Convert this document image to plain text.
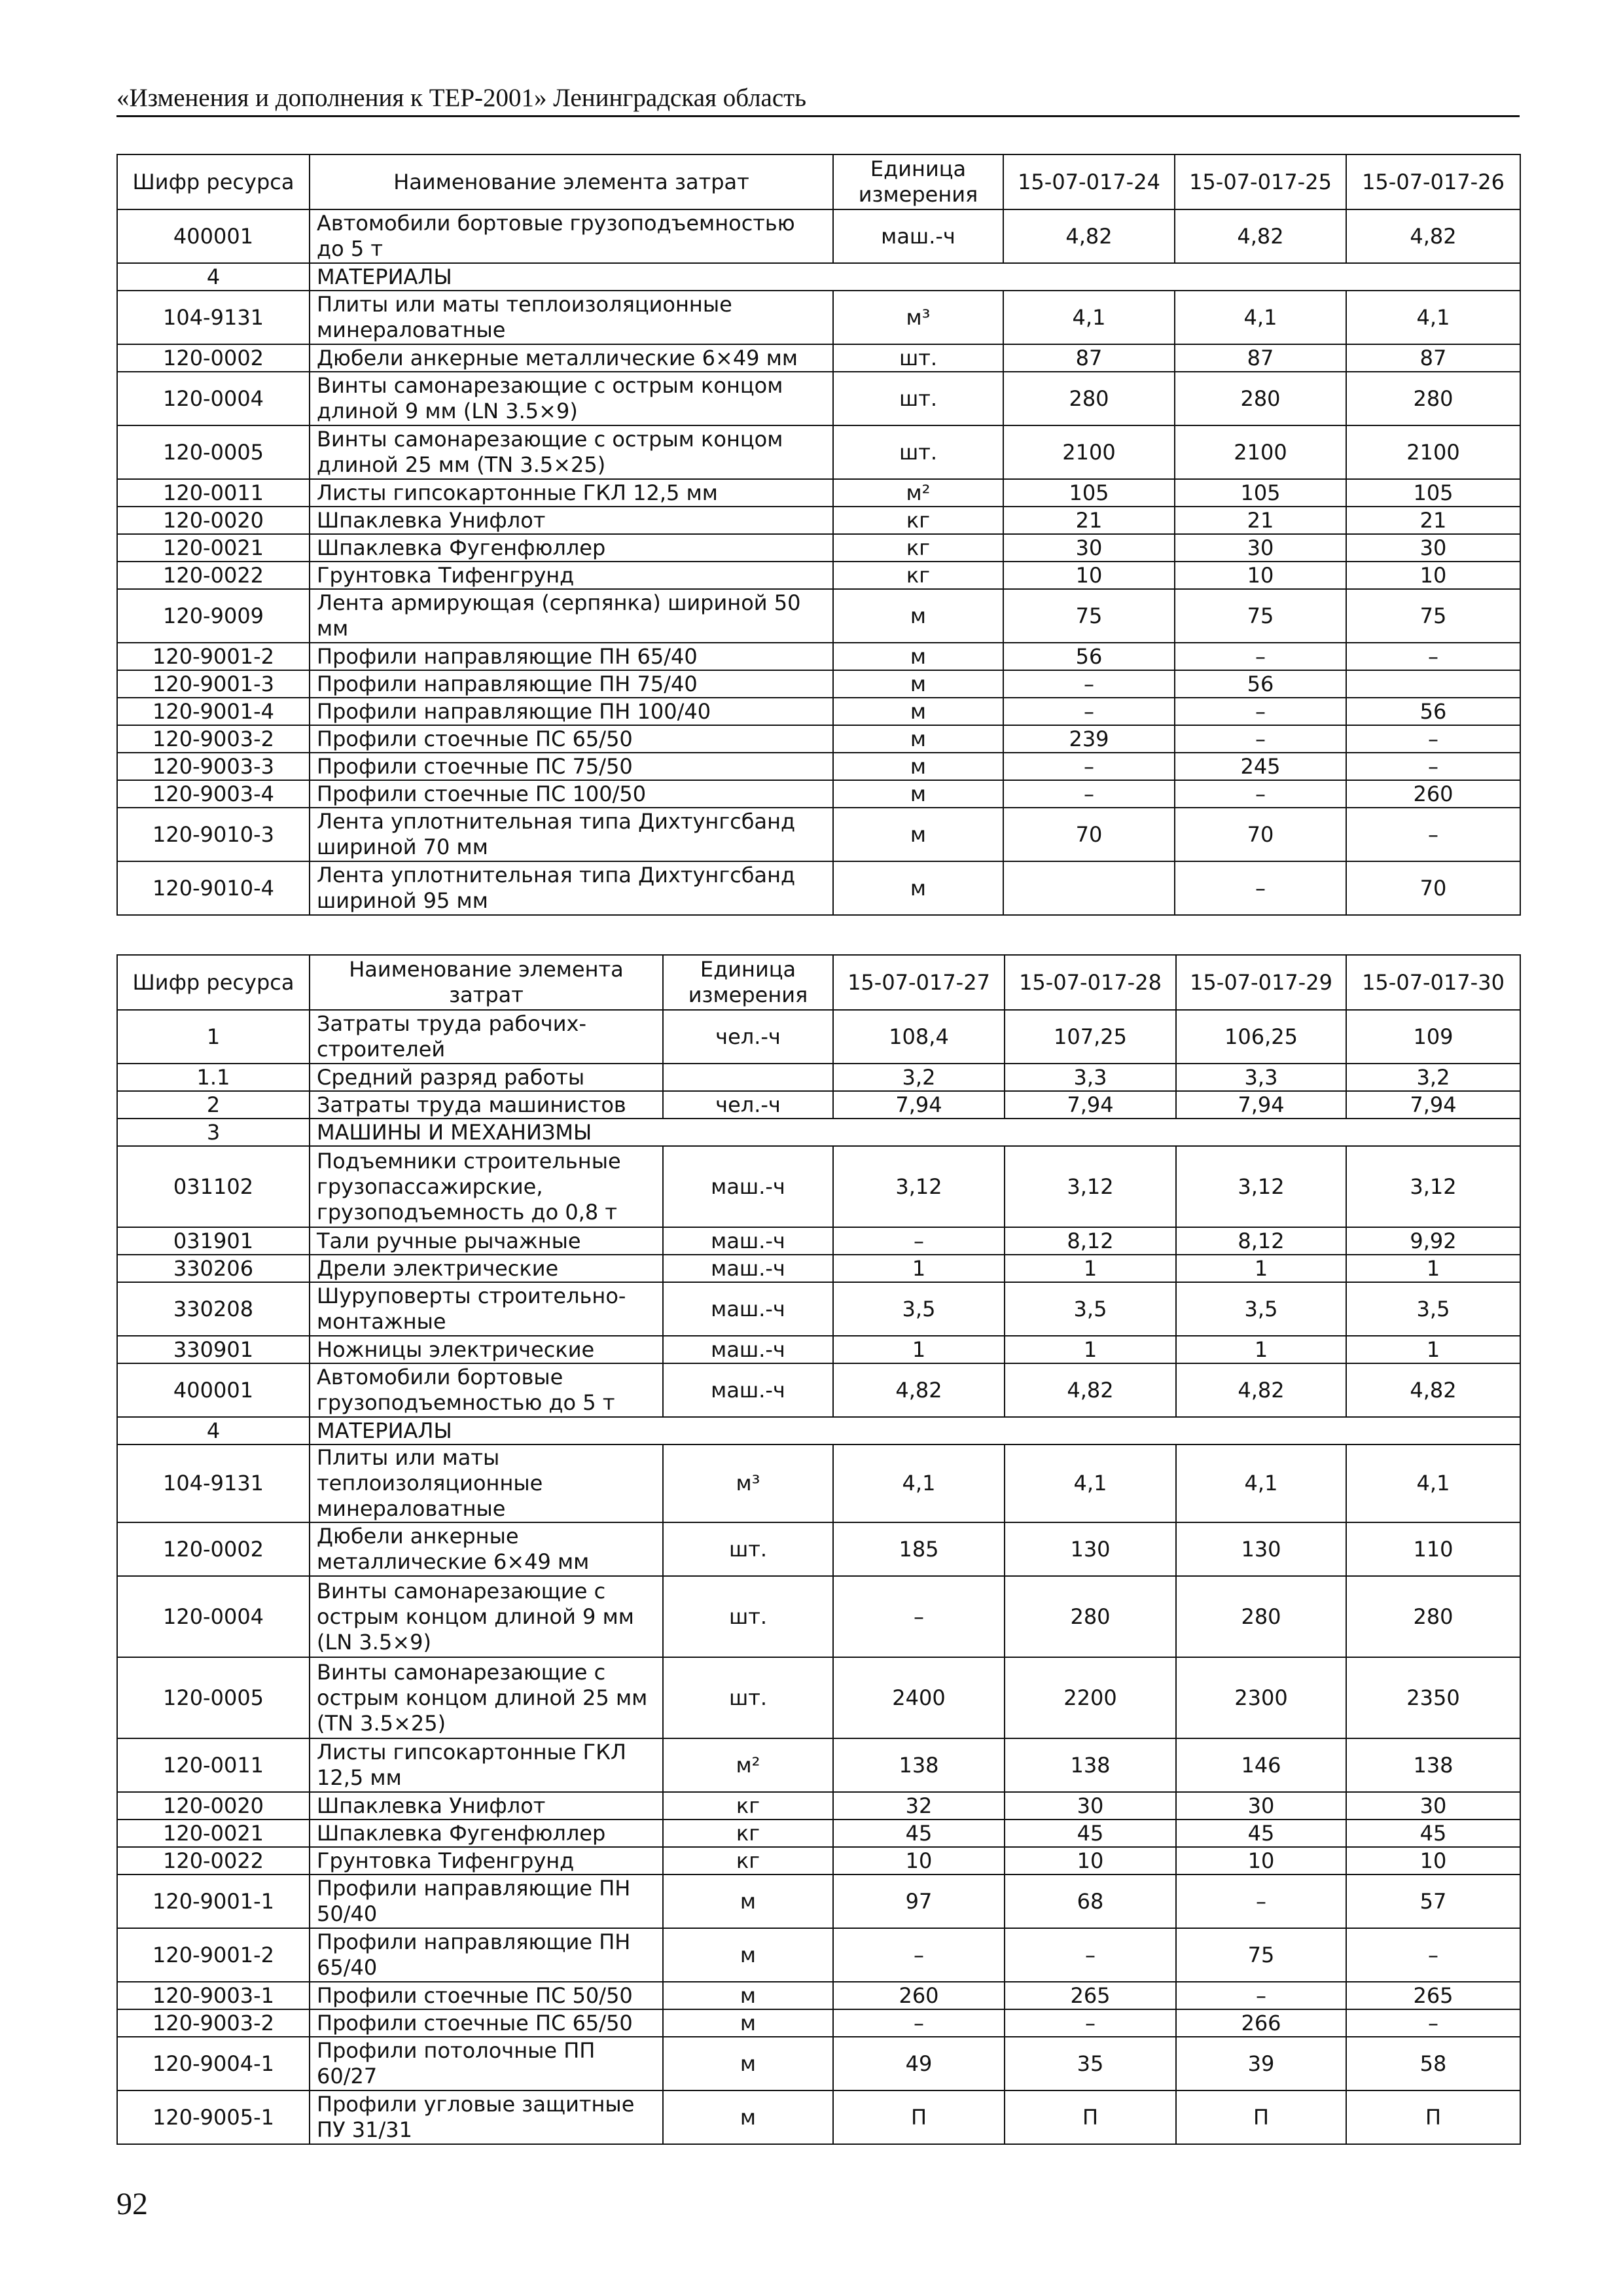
«Изменения и дополнения к ТЕР-2001» Ленинградская область
Шифр ресурса	Наименование элемента затрат	Единица измерения	15-07-017-24	15-07-017-25	15-07-017-26
400001	Автомобили бортовые грузоподъемностью до 5 т	маш.-ч	4,82	4,82	4,82
4	МАТЕРИАЛЫ				
104-9131	Плиты или маты теплоизоляционные минераловатные	м³	4,1	4,1	4,1
120-0002	Дюбели анкерные металлические 6×49 мм	шт.	87	87	87
120-0004	Винты самонарезающие с острым концом длиной 9 мм (LN 3.5×9)	шт.	280	280	280
120-0005	Винты самонарезающие с острым концом длиной 25 мм (TN 3.5×25)	шт.	2100	2100	2100
120-0011	Листы гипсокартонные ГКЛ 12,5 мм	м²	105	105	105
120-0020	Шпаклевка Унифлот	кг	21	21	21
120-0021	Шпаклевка Фугенфюллер	кг	30	30	30
120-0022	Грунтовка Тифенгрунд	кг	10	10	10
120-9009	Лента армирующая (серпянка) шириной 50 мм	м	75	75	75
120-9001-2	Профили направляющие ПН 65/40	м	56	–	–
120-9001-3	Профили направляющие ПН 75/40	м	–	56	
120-9001-4	Профили направляющие ПН 100/40	м	–	–	56
120-9003-2	Профили стоечные ПС 65/50	м	239	–	–
120-9003-3	Профили стоечные ПС 75/50	м	–	245	–
120-9003-4	Профили стоечные ПС 100/50	м	–	–	260
120-9010-3	Лента уплотнительная типа Дихтунгсбанд шириной 70 мм	м	70	70	–
120-9010-4	Лента уплотнительная типа Дихтунгсбанд шириной 95 мм	м		–	70
Шифр ресурса	Наименование элемента затрат	Единица измерения	15-07-017-27	15-07-017-28	15-07-017-29	15-07-017-30
1	Затраты труда рабочих-строителей	чел.-ч	108,4	107,25	106,25	109
1.1	Средний разряд работы		3,2	3,3	3,3	3,2
2	Затраты труда машинистов	чел.-ч	7,94	7,94	7,94	7,94
3	МАШИНЫ И МЕХАНИЗМЫ					
031102	Подъемники строительные грузопассажирские, грузоподъемность до 0,8 т	маш.-ч	3,12	3,12	3,12	3,12
031901	Тали ручные рычажные	маш.-ч	–	8,12	8,12	9,92
330206	Дрели электрические	маш.-ч	1	1	1	1
330208	Шуруповерты строительно-монтажные	маш.-ч	3,5	3,5	3,5	3,5
330901	Ножницы электрические	маш.-ч	1	1	1	1
400001	Автомобили бортовые грузоподъемностью до 5 т	маш.-ч	4,82	4,82	4,82	4,82
4	МАТЕРИАЛЫ					
104-9131	Плиты или маты теплоизоляционные минераловатные	м³	4,1	4,1	4,1	4,1
120-0002	Дюбели анкерные металлические 6×49 мм	шт.	185	130	130	110
120-0004	Винты самонарезающие с острым концом длиной 9 мм (LN 3.5×9)	шт.	–	280	280	280
120-0005	Винты самонарезающие с острым концом длиной 25 мм (TN 3.5×25)	шт.	2400	2200	2300	2350
120-0011	Листы гипсокартонные ГКЛ 12,5 мм	м²	138	138	146	138
120-0020	Шпаклевка Унифлот	кг	32	30	30	30
120-0021	Шпаклевка Фугенфюллер	кг	45	45	45	45
120-0022	Грунтовка Тифенгрунд	кг	10	10	10	10
120-9001-1	Профили направляющие ПН 50/40	м	97	68	–	57
120-9001-2	Профили направляющие ПН 65/40	м	–	–	75	–
120-9003-1	Профили стоечные ПС 50/50	м	260	265	–	265
120-9003-2	Профили стоечные ПС 65/50	м	–	–	266	–
120-9004-1	Профили потолочные ПП 60/27	м	49	35	39	58
120-9005-1	Профили угловые защитные ПУ 31/31	м	П	П	П	П
92
